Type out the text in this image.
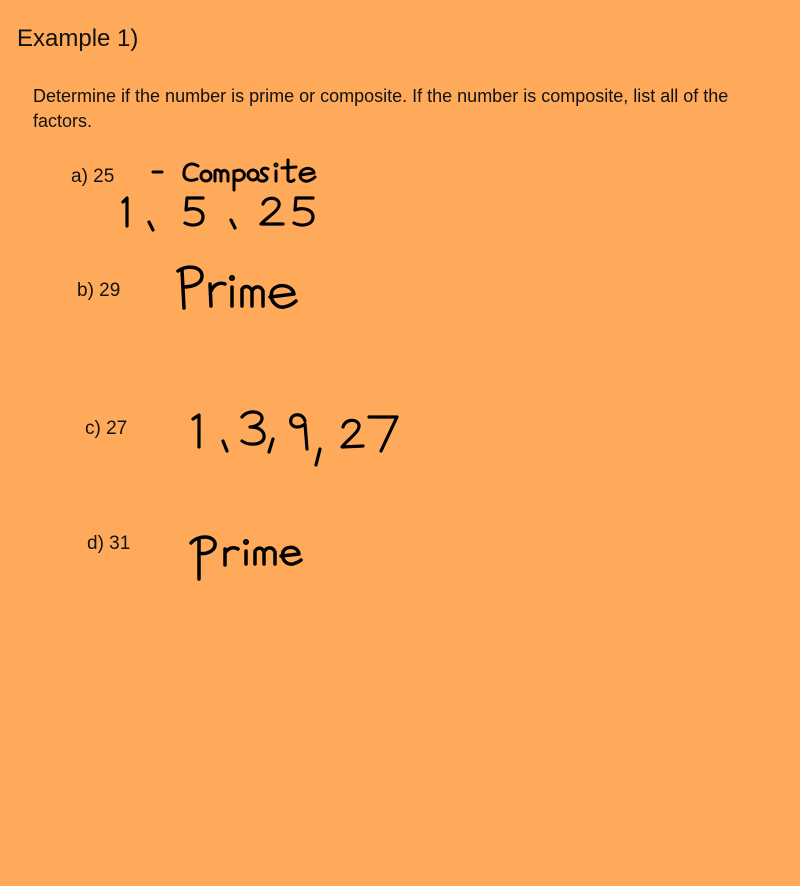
Example 1)
Determine if the number is prime or composite. If the number is composite, list all of the factors.
a) 25
b) 29
c) 27
d) 31
